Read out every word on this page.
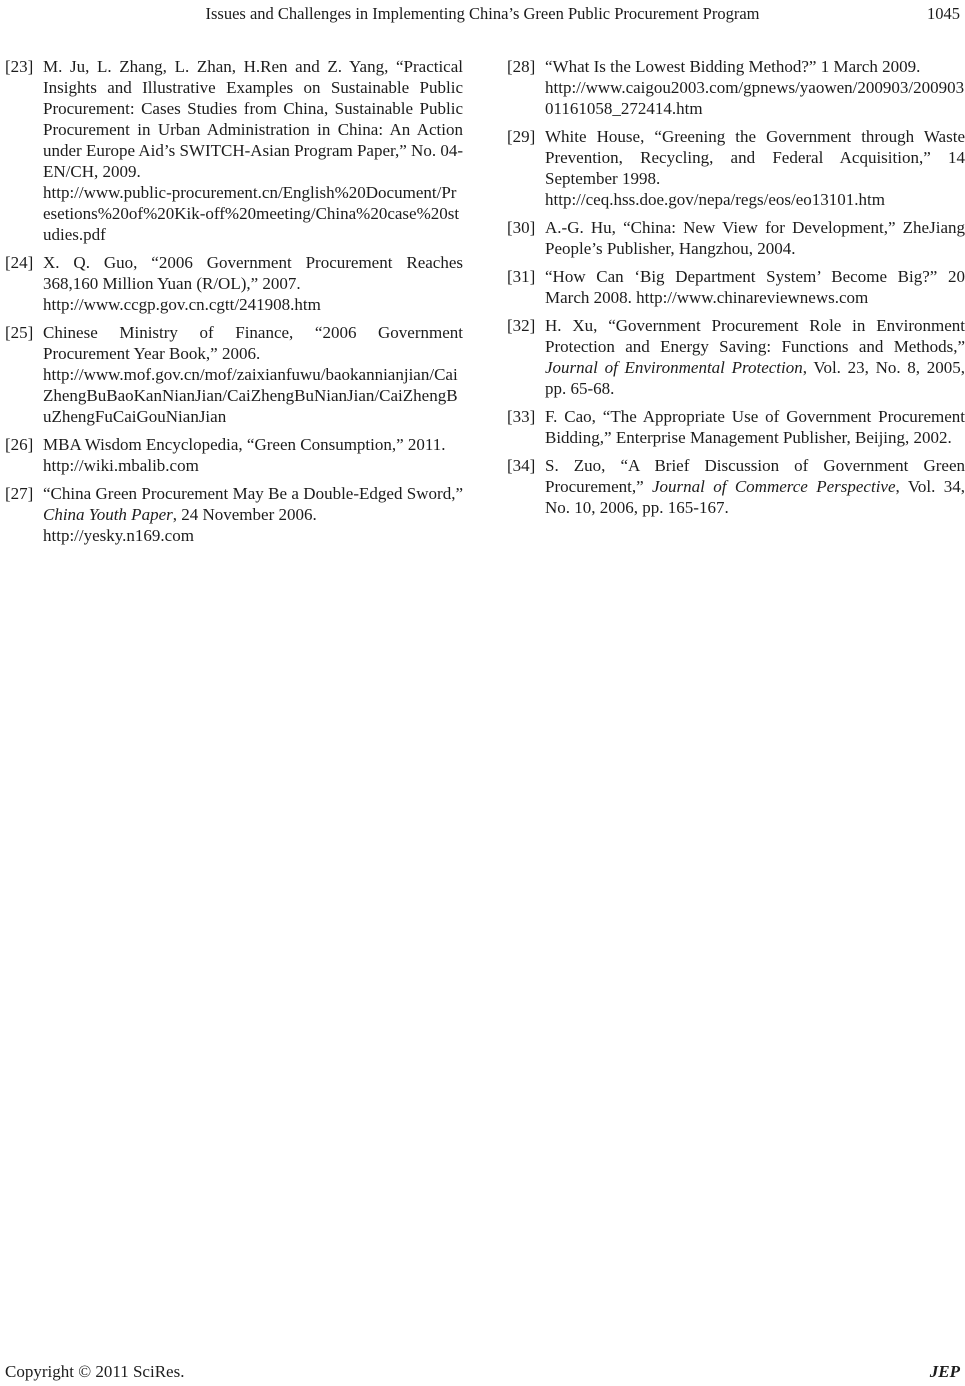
Issues and Challenges in Implementing China’s Green Public Procurement Program	1045
[23] M. Ju, L. Zhang, L. Zhan, H.Ren and Z. Yang, “Practical Insights and Illustrative Examples on Sustainable Public Procurement: Cases Studies from China, Sustainable Public Procurement in Urban Administration in China: An Action under Europe Aid’s SWITCH-Asian Program Paper,” No. 04-EN/CH, 2009.
http://www.public-procurement.cn/English%20Document/Presetions%20of%20Kik-off%20meeting/China%20case%20studies.pdf
[24] X. Q. Guo, “2006 Government Procurement Reaches 368,160 Million Yuan (R/OL),” 2007.
http://www.ccgp.gov.cn.cgtt/241908.htm
[25] Chinese Ministry of Finance, “2006 Government Procurement Year Book,” 2006.
http://www.mof.gov.cn/mof/zaixianfuwu/baokannianjian/CaiZhengBuBaoKanNianJian/CaiZhengBuNianJian/CaiZhengBuZhengFuCaiGouNianJian
[26] MBA Wisdom Encyclopedia, “Green Consumption,” 2011.
http://wiki.mbalib.com
[27] “China Green Procurement May Be a Double-Edged Sword,” China Youth Paper, 24 November 2006.
http://yesky.n169.com
[28] “What Is the Lowest Bidding Method?” 1 March 2009.
http://www.caigou2003.com/gpnews/yaowen/200903/20090301161058_272414.htm
[29] White House, “Greening the Government through Waste Prevention, Recycling, and Federal Acquisition,” 14 September 1998.
http://ceq.hss.doe.gov/nepa/regs/eos/eo13101.htm
[30] A.-G. Hu, “China: New View for Development,” ZheJiang People’s Publisher, Hangzhou, 2004.
[31] “How Can ‘Big Department System’ Become Big?” 20 March 2008. http://www.chinareviewnews.com
[32] H. Xu, “Government Procurement Role in Environment Protection and Energy Saving: Functions and Methods,” Journal of Environmental Protection, Vol. 23, No. 8, 2005, pp. 65-68.
[33] F. Cao, “The Appropriate Use of Government Procurement Bidding,” Enterprise Management Publisher, Beijing, 2002.
[34] S. Zuo, “A Brief Discussion of Government Green Procurement,” Journal of Commerce Perspective, Vol. 34, No. 10, 2006, pp. 165-167.
Copyright © 2011 SciRes.	JEP
